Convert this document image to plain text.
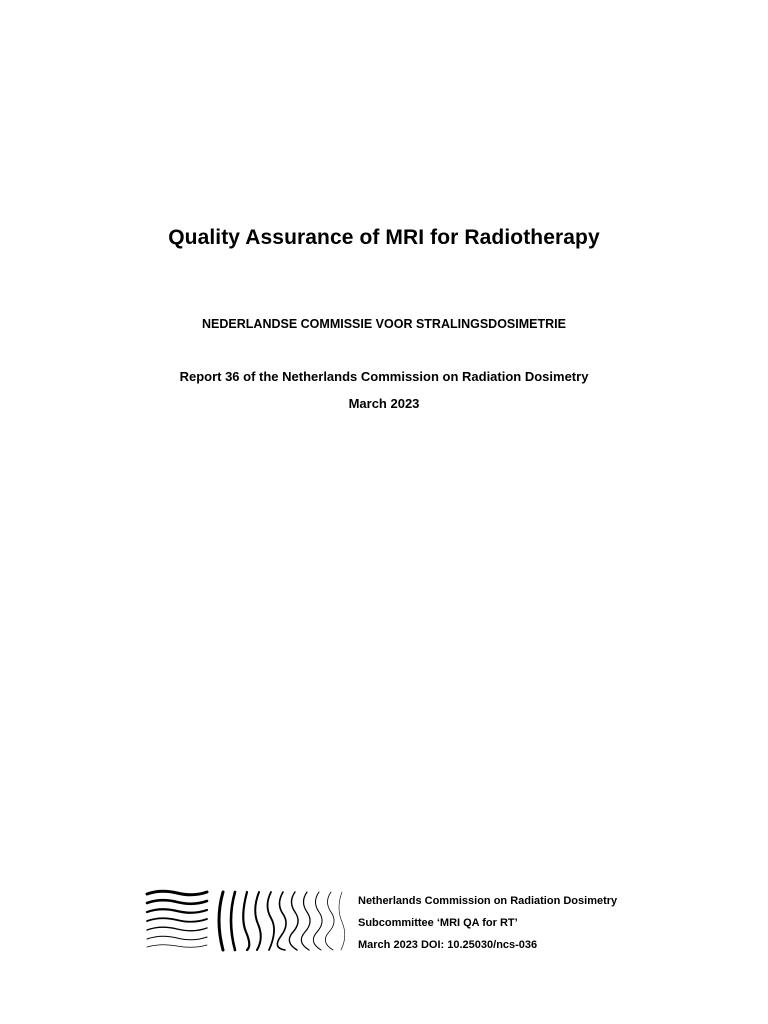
Quality Assurance of MRI for Radiotherapy
NEDERLANDSE COMMISSIE VOOR STRALINGSDOSIMETRIE
Report 36 of the Netherlands Commission on Radiation Dosimetry
March 2023
Netherlands Commission on Radiation Dosimetry
Subcommittee ‘MRI QA for RT’
March 2023 DOI: 10.25030/ncs-036
